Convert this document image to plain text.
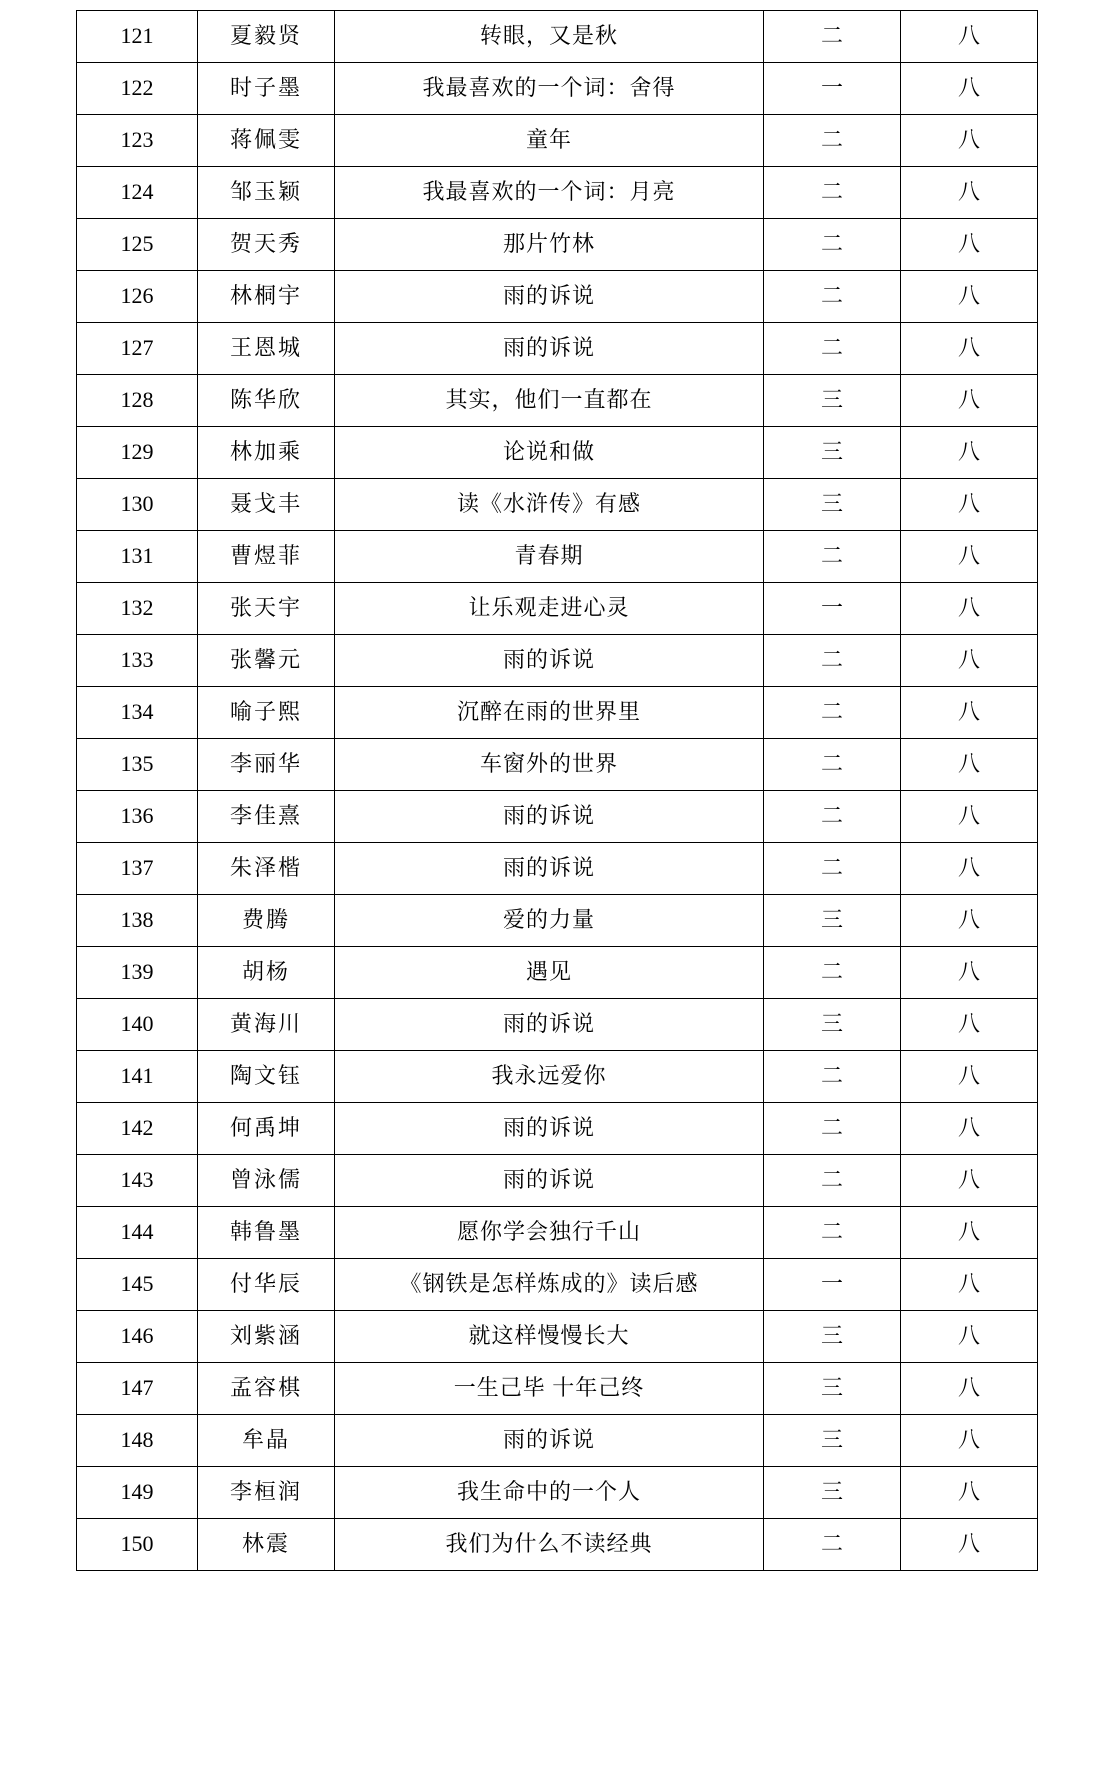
121	夏毅贤	转眼，又是秋	二	八
122	时子墨	我最喜欢的一个词：舍得	一	八
123	蒋佩雯	童年	二	八
124	邹玉颖	我最喜欢的一个词：月亮	二	八
125	贺天秀	那片竹林	二	八
126	林桐宇	雨的诉说	二	八
127	王恩城	雨的诉说	二	八
128	陈华欣	其实，他们一直都在	三	八
129	林加乘	论说和做	三	八
130	聂戈丰	读《水浒传》有感	三	八
131	曹煜菲	青春期	二	八
132	张天宇	让乐观走进心灵	一	八
133	张馨元	雨的诉说	二	八
134	喻子熙	沉醉在雨的世界里	二	八
135	李丽华	车窗外的世界	二	八
136	李佳熹	雨的诉说	二	八
137	朱泽楷	雨的诉说	二	八
138	费腾	爱的力量	三	八
139	胡杨	遇见	二	八
140	黄海川	雨的诉说	三	八
141	陶文钰	我永远爱你	二	八
142	何禹坤	雨的诉说	二	八
143	曾泳儒	雨的诉说	二	八
144	韩鲁墨	愿你学会独行千山	二	八
145	付华辰	《钢铁是怎样炼成的》读后感	一	八
146	刘紫涵	就这样慢慢长大	三	八
147	孟容棋	一生己毕 十年己终	三	八
148	牟晶	雨的诉说	三	八
149	李桓润	我生命中的一个人	三	八
150	林震	我们为什么不读经典	二	八
